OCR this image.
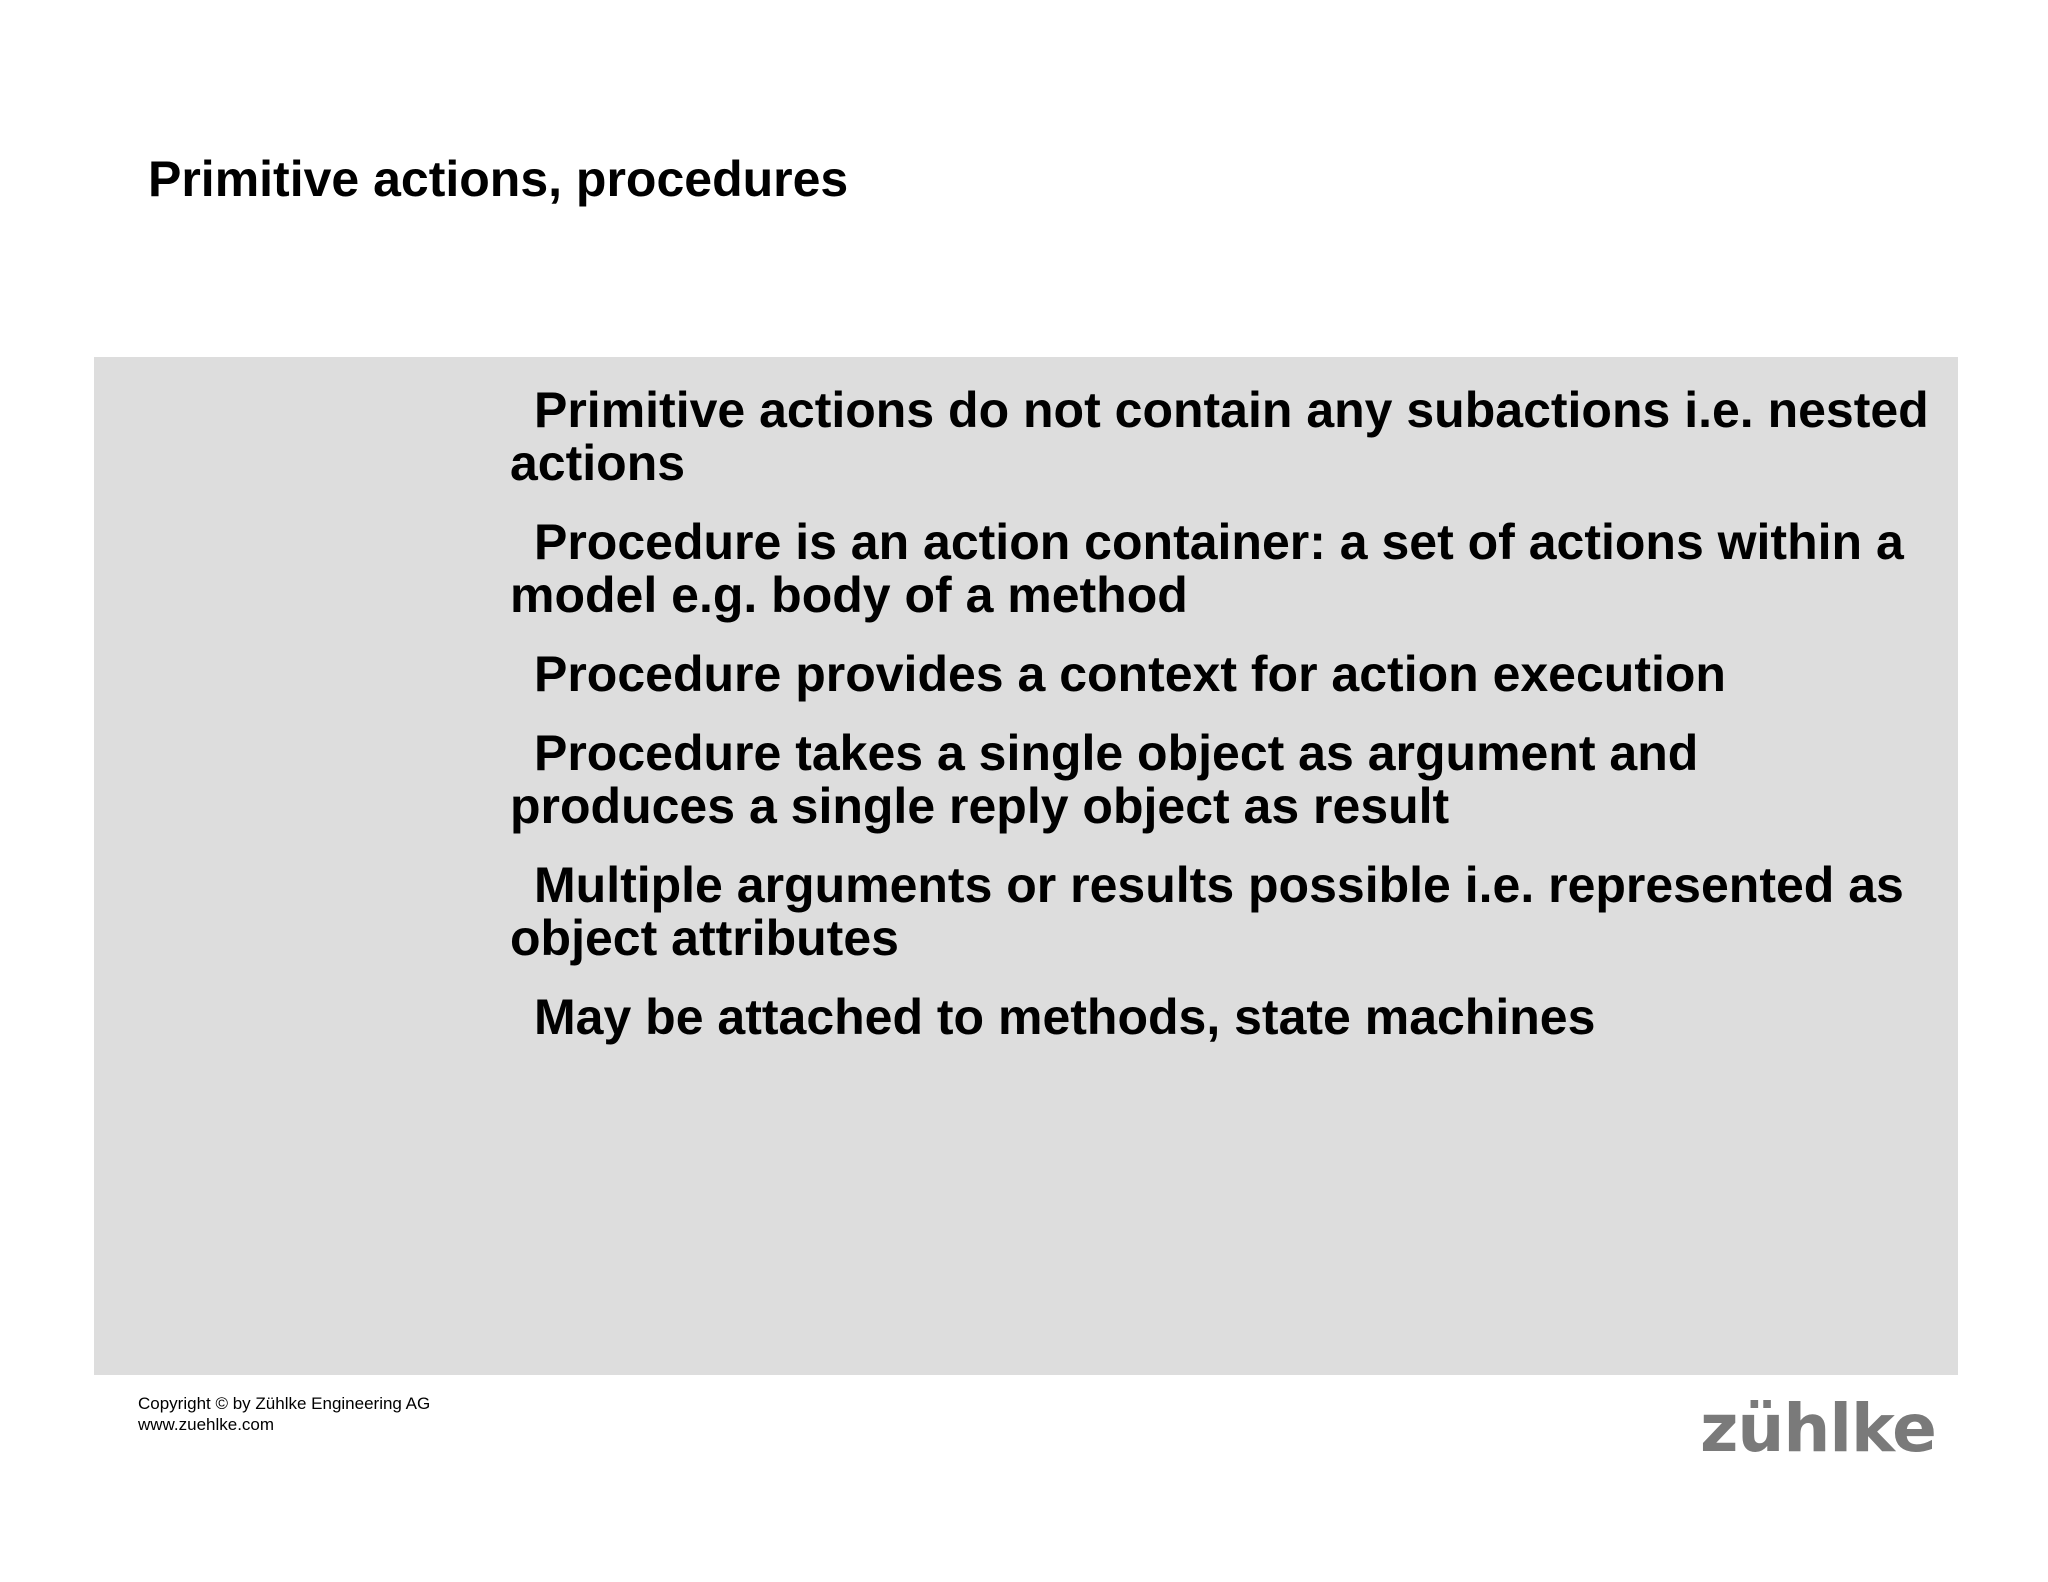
Primitive actions, procedures
Primitive actions do not contain any subactions i.e. nested actions
Procedure is an action container: a set of actions within a model e.g. body of a method
Procedure provides a context for action execution
Procedure takes a single object as argument and produces a single reply object as result
Multiple arguments or results possible i.e. represented as object attributes
May be attached to methods, state machines
Copyright © by Zühlke Engineering AG
www.zuehlke.com	zühlke
